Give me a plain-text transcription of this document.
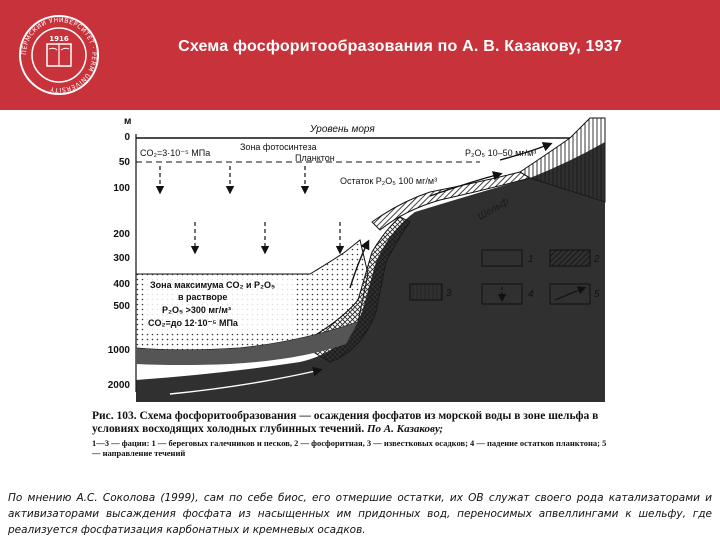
ПЕРМСКИЙ УНИВЕРСИТЕТ · PERM UNIVERSITY
1916	Схема фосфоритообразования по А. В. Казакову, 1937
м
0
50
100
200
300
400
500
1000
2000
Уровень моря
CO₂=3·10⁻⁵ МПа
Зона фотосинтеза
Планктон	P₂O₅ 10–50 мг/м³
Остаток P₂O₅ 100 мг/м³
Зона максимума CO₂ и P₂O₅
в растворе
P₂O₅ >300 мг/м³
CO₂=до 12·10⁻⁵ МПа
1	2
3	4	5
Рис. 103. Схема фосфоритообразования — осаждения фосфатов из морской воды в зоне шельфа в условиях восходящих холодных глубинных течений. По А. Казакову;
1—3 — фации: 1 — береговых галечников и песков, 2 — фосфоритная, 3 — известковых осадков; 4 — падение остатков планктона; 5 — направление течений
По мнению А.С. Соколова (1999), сам по себе биос, его отмершие остатки, их ОВ служат своего рода катализаторами и активизаторами высаждения фосфата из насыщенных им придонных вод, переносимых апвеллингами к шельфу, где реализуется фосфатизация карбонатных и кремневых осадков.
